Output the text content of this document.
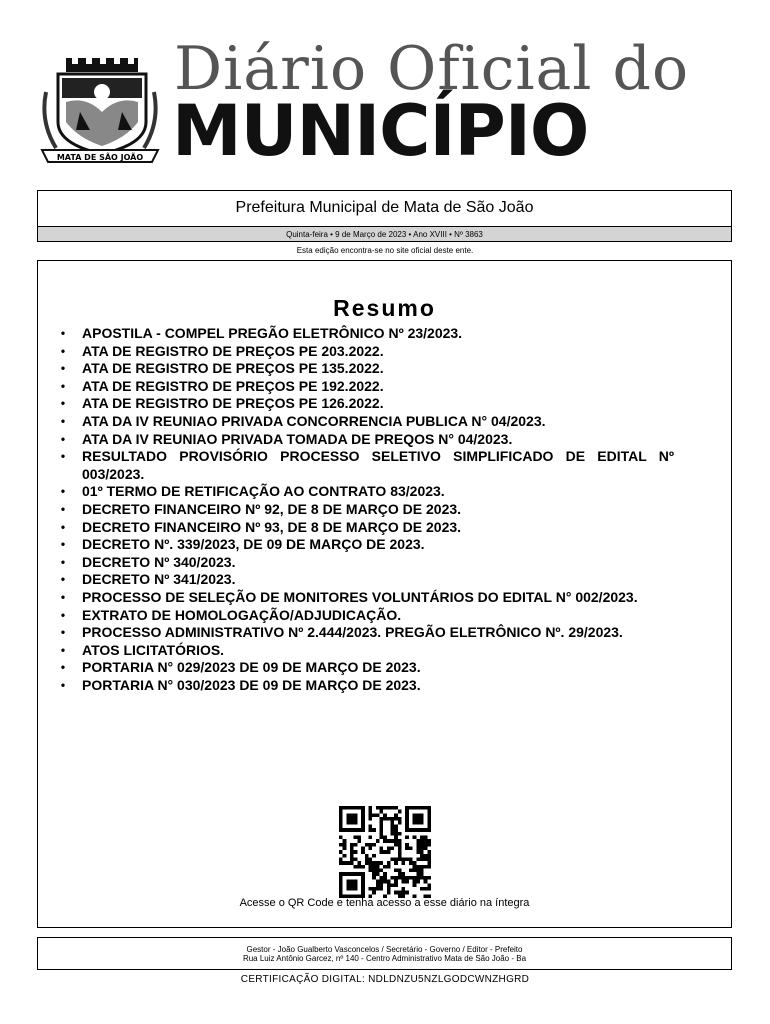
MATA DE SÃO JOÃO
Diário Oficial do
MUNICÍPIO
Prefeitura Municipal de Mata de São João
Quinta-feira • 9 de Março de 2023 • Ano XVIII • Nº 3863
Esta edição encontra-se no site oficial deste ente.
Resumo
• APOSTILA - COMPEL PREGÃO ELETRÔNICO Nº 23/2023.
• ATA DE REGISTRO DE PREÇOS PE 203.2022.
• ATA DE REGISTRO DE PREÇOS PE 135.2022.
• ATA DE REGISTRO DE PREÇOS PE 192.2022.
• ATA DE REGISTRO DE PREÇOS PE 126.2022.
• ATA DA IV REUNIAO PRIVADA CONCORRENCIA PUBLICA N° 04/2023.
• ATA DA IV REUNIAO PRIVADA TOMADA DE PREQOS N° 04/2023.
• RESULTADO PROVISÓRIO PROCESSO SELETIVO SIMPLIFICADO DE EDITAL Nº 003/2023.
• 01º TERMO DE RETIFICAÇÃO AO CONTRATO 83/2023.
• DECRETO FINANCEIRO Nº 92, DE 8 DE MARÇO DE 2023.
• DECRETO FINANCEIRO Nº 93, DE 8 DE MARÇO DE 2023.
• DECRETO Nº. 339/2023, DE 09 DE MARÇO DE 2023.
• DECRETO Nº 340/2023.
• DECRETO Nº 341/2023.
• PROCESSO DE SELEÇÃO DE MONITORES VOLUNTÁRIOS DO EDITAL N° 002/2023.
• EXTRATO DE HOMOLOGAÇÃO/ADJUDICAÇÃO.
• PROCESSO ADMINISTRATIVO Nº 2.444/2023. PREGÃO ELETRÔNICO Nº. 29/2023.
• ATOS LICITATÓRIOS.
• PORTARIA N° 029/2023 DE 09 DE MARÇO DE 2023.
• PORTARIA N° 030/2023 DE 09 DE MARÇO DE 2023.
Acesse o QR Code e tenha acesso a esse diário na íntegra
Gestor - João Gualberto Vasconcelos / Secretário - Governo / Editor - Prefeito
Rua Luiz Antônio Garcez, nº 140 - Centro Administrativo Mata de São João - Ba
CERTIFICAÇÃO DIGITAL: NDLDNZU5NZLGODCWNZHGRD
